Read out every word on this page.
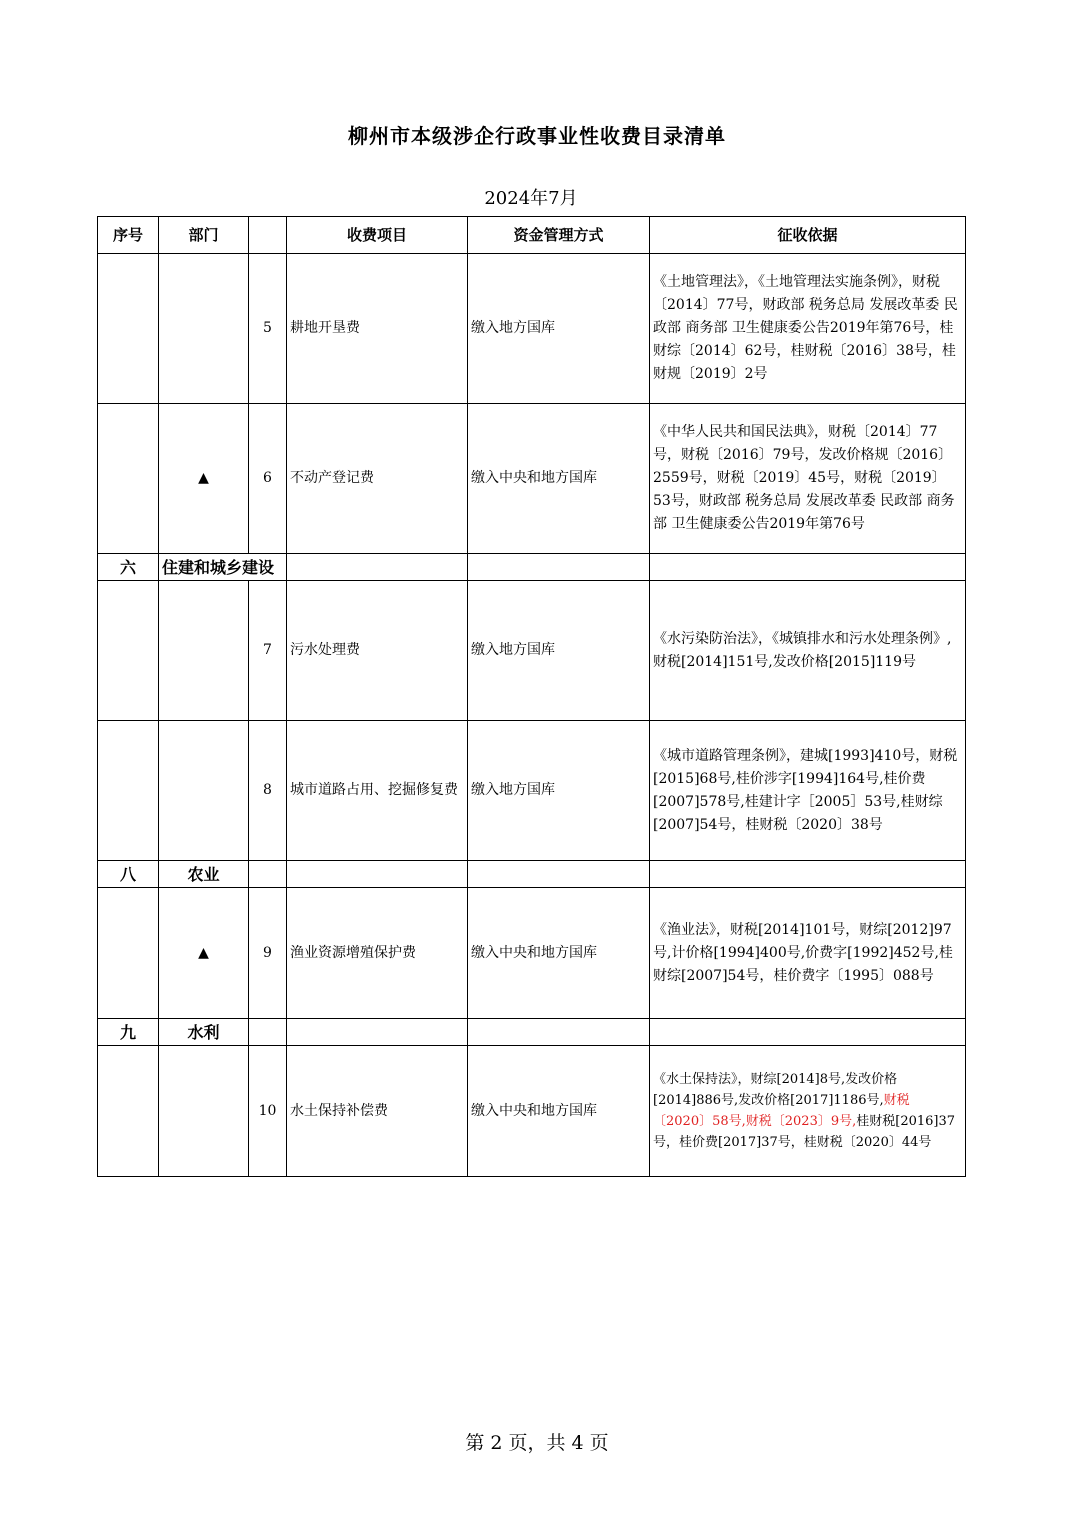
柳州市本级涉企行政事业性收费目录清单
2024年7月
序号	部门		收费项目	资金管理方式	征收依据
		5	耕地开垦费	缴入地方国库	《土地管理法》，《土地管理法实施条例》，财税〔2014〕77号，财政部 税务总局 发展改革委 民政部 商务部 卫生健康委公告2019年第76号，桂财综〔2014〕62号，桂财税〔2016〕38号，桂财规〔2019〕2号
	▲	6	不动产登记费	缴入中央和地方国库	《中华人民共和国民法典》，财税〔2014〕77号，财税〔2016〕79号，发改价格规〔2016〕2559号，财税〔2019〕45号，财税〔2019〕53号，财政部 税务总局 发展改革委 民政部 商务部 卫生健康委公告2019年第76号
六	住建和城乡建设				
		7	污水处理费	缴入地方国库	《水污染防治法》，《城镇排水和污水处理条例》,财税[2014]151号,发改价格[2015]119号
		8	城市道路占用、挖掘修复费	缴入地方国库	《城市道路管理条例》，建城[1993]410号，财税[2015]68号,桂价涉字[1994]164号,桂价费[2007]578号,桂建计字［2005］53号,桂财综[2007]54号，桂财税〔2020〕38号
八	农业				
	▲	9	渔业资源增殖保护费	缴入中央和地方国库	《渔业法》，财税[2014]101号，财综[2012]97号,计价格[1994]400号,价费字[1992]452号,桂财综[2007]54号，桂价费字〔1995〕088号
九	水利				
		10	水土保持补偿费	缴入中央和地方国库	《水土保持法》，财综[2014]8号,发改价格[2014]886号,发改价格[2017]1186号,财税〔2020〕58号,财税〔2023〕9号,桂财税[2016]37号，桂价费[2017]37号，桂财税〔2020〕44号
第 2 页，共 4 页
